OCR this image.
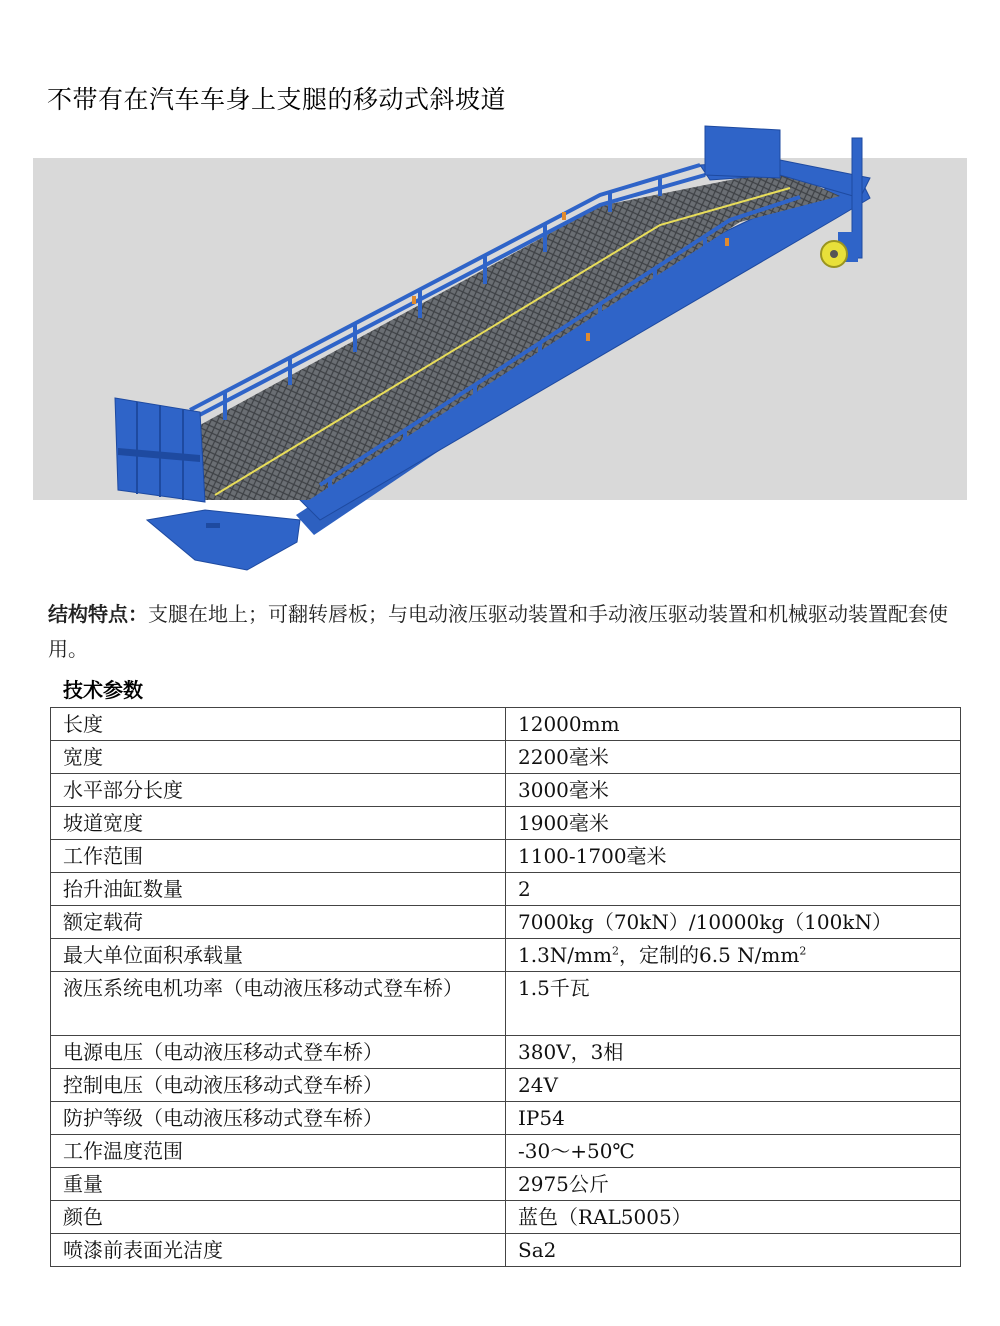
不带有在汽车车身上支腿的移动式斜坡道
结构特点：支腿在地上；可翻转唇板；与电动液压驱动装置和手动液压驱动装置和机械驱动装置配套使用。
技术参数
长度	12000mm
宽度	2200毫米
水平部分长度	3000毫米
坡道宽度	1900毫米
工作范围	1100-1700毫米
抬升油缸数量	2
额定载荷	7000kg（70kN）/10000kg（100kN）
最大单位面积承载量	$1.3N/mm^2$，定制的6.5 $N/mm^2$
液压系统电机功率（电动液压移动式登车桥）	1.5千瓦
电源电压（电动液压移动式登车桥）	380V，3相
控制电压（电动液压移动式登车桥）	24V
防护等级（电动液压移动式登车桥）	IP54
工作温度范围	-30～+50℃
重量	2975公斤
颜色	蓝色（RAL5005）
喷漆前表面光洁度	Sa2
